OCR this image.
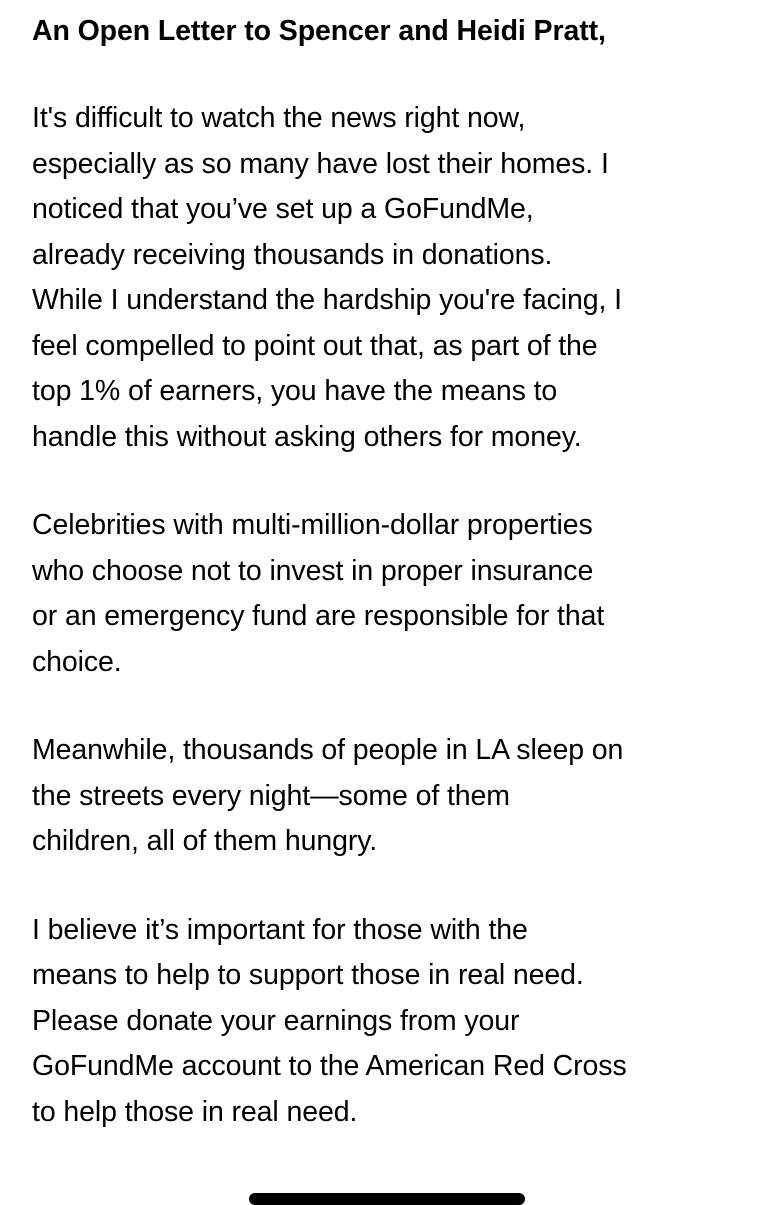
An Open Letter to Spencer and Heidi Pratt,

It's difficult to watch the news right now,
especially as so many have lost their homes. I
noticed that you’ve set up a GoFundMe,
already receiving thousands in donations.
While I understand the hardship you're facing, I
feel compelled to point out that, as part of the
top 1% of earners, you have the means to
handle this without asking others for money.

Celebrities with multi-million-dollar properties
who choose not to invest in proper insurance
or an emergency fund are responsible for that
choice.

Meanwhile, thousands of people in LA sleep on
the streets every night—some of them
children, all of them hungry.

I believe it’s important for those with the
means to help to support those in real need.
Please donate your earnings from your
GoFundMe account to the American Red Cross
to help those in real need.
